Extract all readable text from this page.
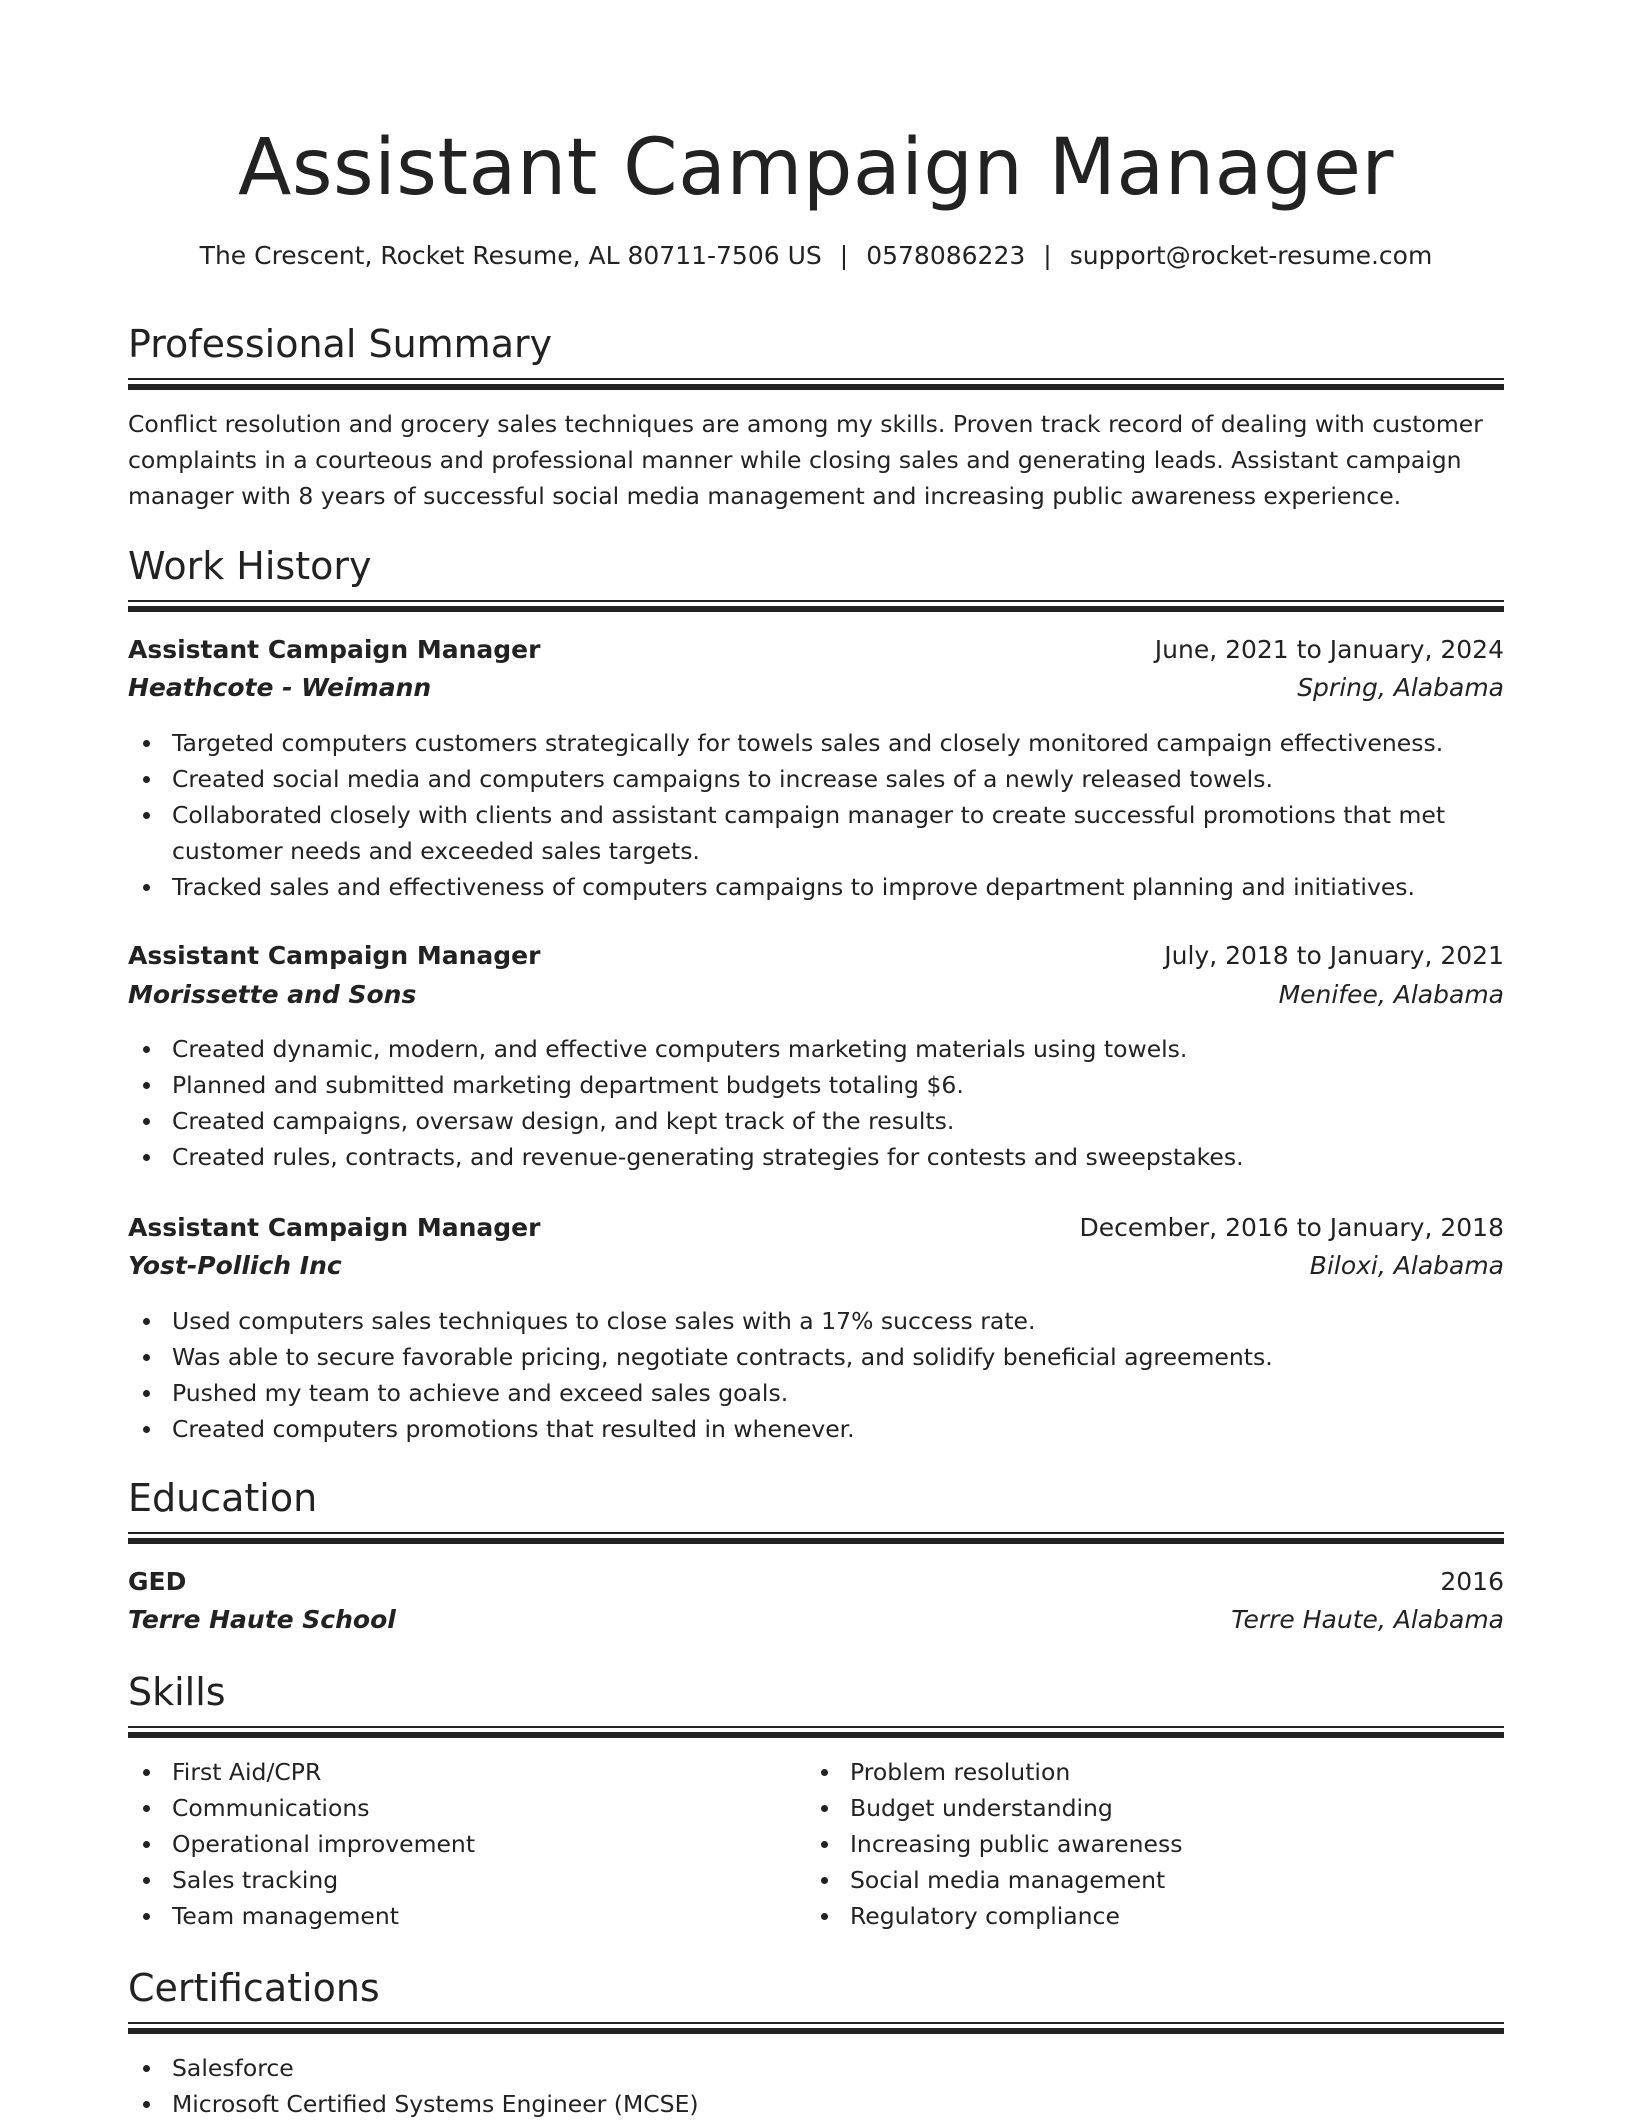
Assistant Campaign Manager
The Crescent, Rocket Resume, AL 80711-7506 US | 0578086223 | support@rocket-resume.com
Professional Summary
Conflict resolution and grocery sales techniques are among my skills. Proven track record of dealing with customer complaints in a courteous and professional manner while closing sales and generating leads. Assistant campaign manager with 8 years of successful social media management and increasing public awareness experience.
Work History
Assistant Campaign Manager	June, 2021 to January, 2024
Heathcote - Weimann	Spring, Alabama
Targeted computers customers strategically for towels sales and closely monitored campaign effectiveness.
Created social media and computers campaigns to increase sales of a newly released towels.
Collaborated closely with clients and assistant campaign manager to create successful promotions that met customer needs and exceeded sales targets.
Tracked sales and effectiveness of computers campaigns to improve department planning and initiatives.
Assistant Campaign Manager	July, 2018 to January, 2021
Morissette and Sons	Menifee, Alabama
Created dynamic, modern, and effective computers marketing materials using towels.
Planned and submitted marketing department budgets totaling $6.
Created campaigns, oversaw design, and kept track of the results.
Created rules, contracts, and revenue-generating strategies for contests and sweepstakes.
Assistant Campaign Manager	December, 2016 to January, 2018
Yost-Pollich Inc	Biloxi, Alabama
Used computers sales techniques to close sales with a 17% success rate.
Was able to secure favorable pricing, negotiate contracts, and solidify beneficial agreements.
Pushed my team to achieve and exceed sales goals.
Created computers promotions that resulted in whenever.
Education
GED	2016
Terre Haute School	Terre Haute, Alabama
Skills
First Aid/CPR
Communications
Operational improvement
Sales tracking
Team management
Problem resolution
Budget understanding
Increasing public awareness
Social media management
Regulatory compliance
Certifications
Salesforce
Microsoft Certified Systems Engineer (MCSE)
